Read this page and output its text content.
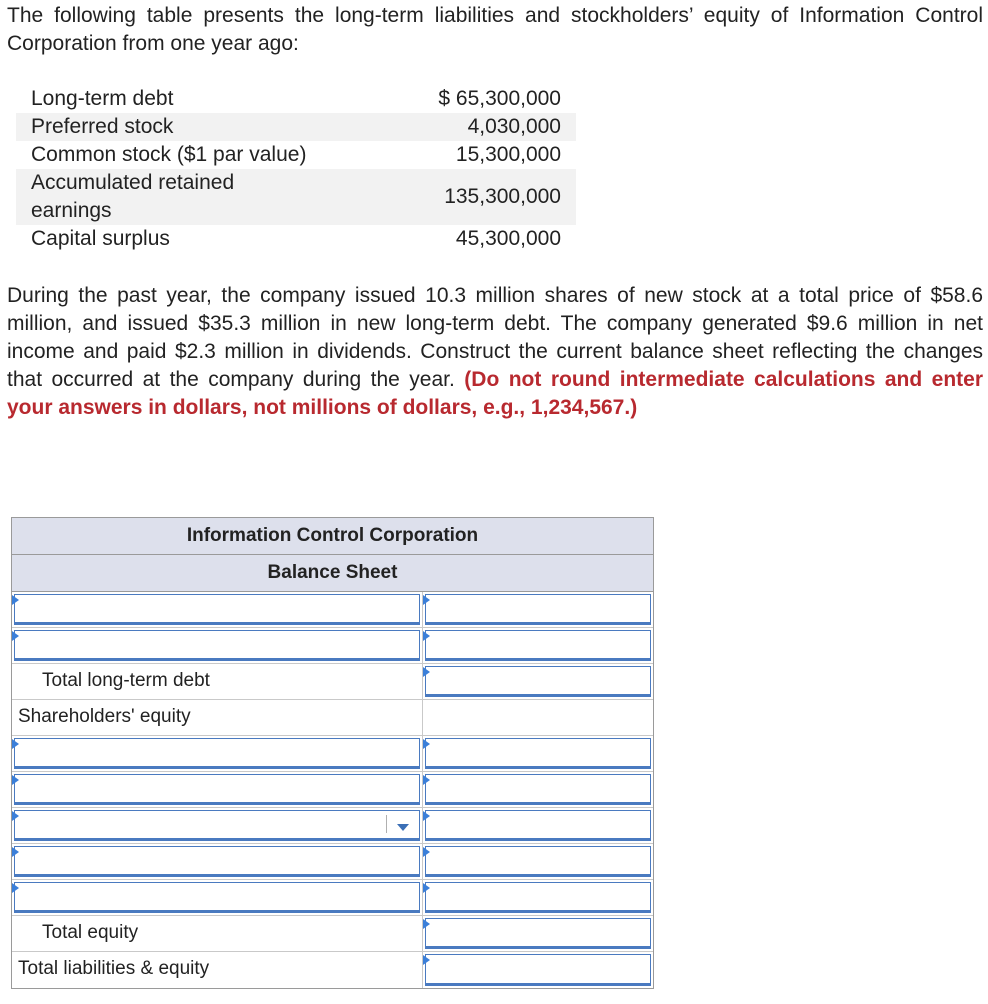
The following table presents the long-term liabilities and stockholders’ equity of Information Control Corporation from one year ago:
Long-term debt	$ 65,300,000
Preferred stock	4,030,000
Common stock ($1 par value)	15,300,000
Accumulated retained earnings	135,300,000
Capital surplus	45,300,000
During the past year, the company issued 10.3 million shares of new stock at a total price of $58.6 million, and issued $35.3 million in new long-term debt. The company generated $9.6 million in net income and paid $2.3 million in dividends. Construct the current balance sheet reflecting the changes that occurred at the company during the year. (Do not round intermediate calculations and enter your answers in dollars, not millions of dollars, e.g., 1,234,567.)
Information Control Corporation
Balance Sheet
Total long-term debt
Shareholders' equity
Total equity
Total liabilities & equity
